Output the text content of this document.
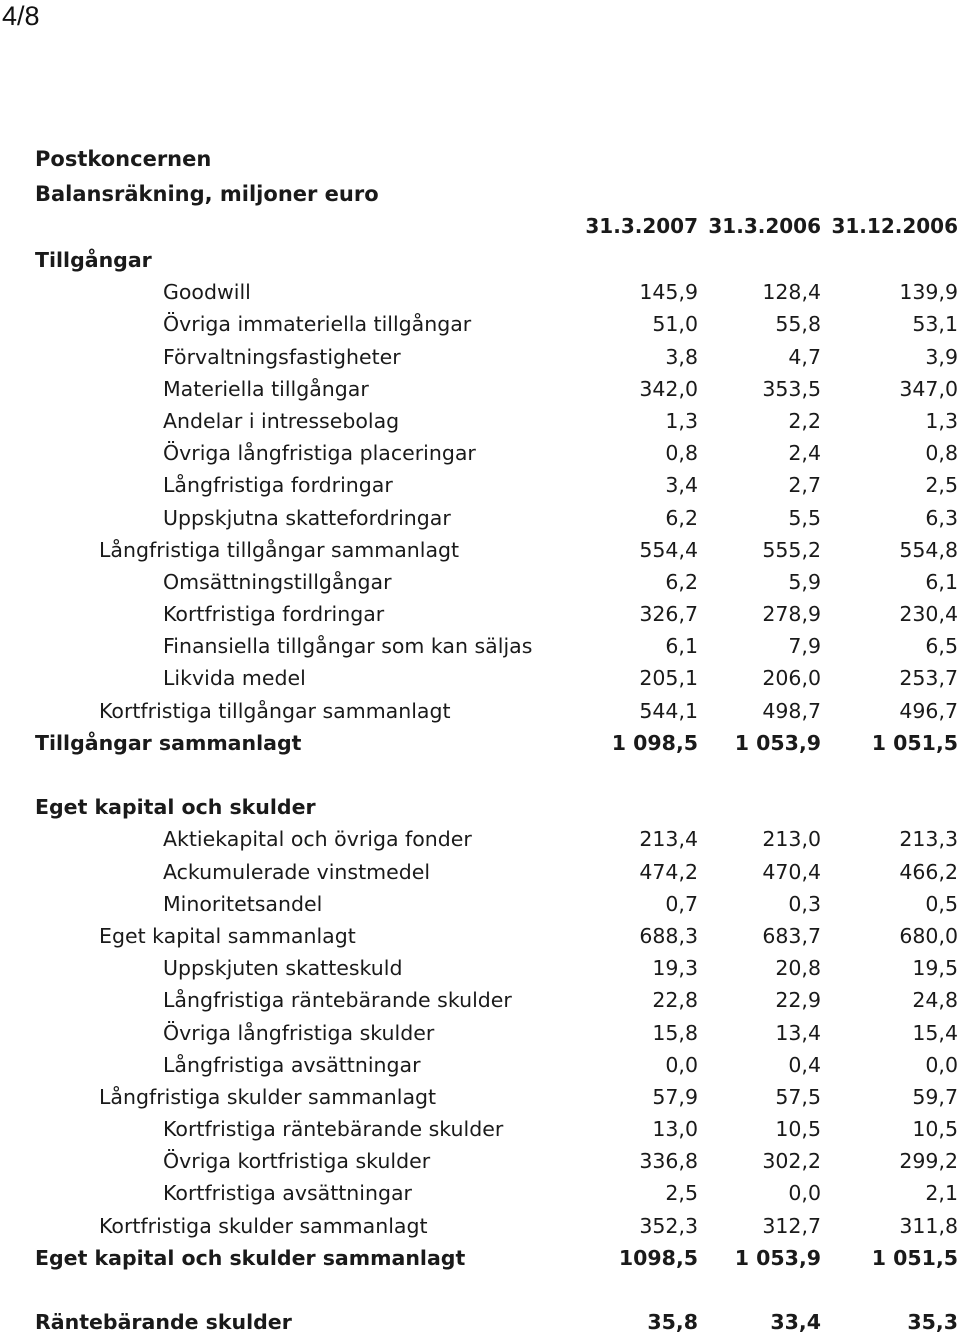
4/8
Postkoncernen
Balansräkning, miljoner euro
31.3.2007 31.3.2006 31.12.2006
Tillgångar
Goodwill	145,9	128,4	139,9
Övriga immateriella tillgångar	51,0	55,8	53,1
Förvaltningsfastigheter	3,8	4,7	3,9
Materiella tillgångar	342,0	353,5	347,0
Andelar i intressebolag	1,3	2,2	1,3
Övriga långfristiga placeringar	0,8	2,4	0,8
Långfristiga fordringar	3,4	2,7	2,5
Uppskjutna skattefordringar	6,2	5,5	6,3
Långfristiga tillgångar sammanlagt	554,4	555,2	554,8
Omsättningstillgångar	6,2	5,9	6,1
Kortfristiga fordringar	326,7	278,9	230,4
Finansiella tillgångar som kan säljas	6,1	7,9	6,5
Likvida medel	205,1	206,0	253,7
Kortfristiga tillgångar sammanlagt	544,1	498,7	496,7
Tillgångar sammanlagt	1 098,5	1 053,9	1 051,5
Eget kapital och skulder
Aktiekapital och övriga fonder	213,4	213,0	213,3
Ackumulerade vinstmedel	474,2	470,4	466,2
Minoritetsandel	0,7	0,3	0,5
Eget kapital sammanlagt	688,3	683,7	680,0
Uppskjuten skatteskuld	19,3	20,8	19,5
Långfristiga räntebärande skulder	22,8	22,9	24,8
Övriga långfristiga skulder	15,8	13,4	15,4
Långfristiga avsättningar	0,0	0,4	0,0
Långfristiga skulder sammanlagt	57,9	57,5	59,7
Kortfristiga räntebärande skulder	13,0	10,5	10,5
Övriga kortfristiga skulder	336,8	302,2	299,2
Kortfristiga avsättningar	2,5	0,0	2,1
Kortfristiga skulder sammanlagt	352,3	312,7	311,8
Eget kapital och skulder sammanlagt	1098,5	1 053,9	1 051,5
Räntebärande skulder	35,8	33,4	35,3
